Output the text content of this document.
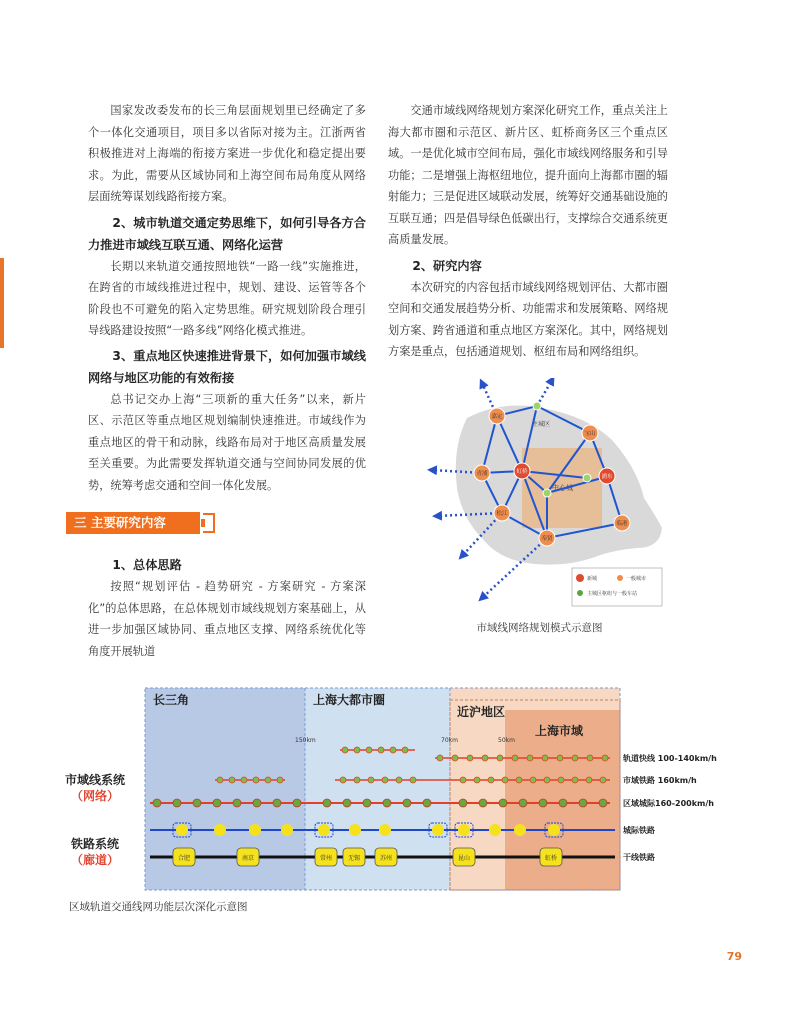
国家发改委发布的长三角层面规划里已经确定了多个一体化交通项目，项目多以省际对接为主。江浙两省积极推进对上海端的衔接方案进一步优化和稳定提出要求。为此，需要从区域协同和上海空间布局角度从网络层面统筹谋划线路衔接方案。

2、城市轨道交通定势思维下，如何引导各方合力推进市域线互联互通、网络化运营

长期以来轨道交通按照地铁“一路一线”实施推进，在跨省的市域线推进过程中，规划、建设、运管等各个阶段也不可避免的陷入定势思维。研究规划阶段合理引导线路建设按照“一路多线”网络化模式推进。

3、重点地区快速推进背景下，如何加强市域线网络与地区功能的有效衔接

总书记交办上海“三项新的重大任务”以来，新片区、示范区等重点地区规划编制快速推进。市域线作为重点地区的骨干和动脉，线路布局对于地区高质量发展至关重要。为此需要发挥轨道交通与空间协同发展的优势，统筹考虑交通和空间一体化发展。

三 主要研究内容
1、总体思路

按照“规划评估 - 趋势研究 - 方案研究 - 方案深化”的总体思路，在总体规划市域线规划方案基础上，从进一步加强区域协同、重点地区支撑、网络系统优化等角度开展轨道

交通市域线网络规划方案深化研究工作，重点关注上海大都市圈和示范区、新片区、虹桥商务区三个重点区域。一是优化城市空间布局，强化市域线网络服务和引导功能；二是增强上海枢纽地位，提升面向上海都市圈的辐射能力；三是促进区域联动发展，统筹好交通基础设施的互联互通；四是倡导绿色低碳出行，支撑综合交通系统更高质量发展。

2、研究内容

本次研究的内容包括市域线网络规划评估、大都市圈空间和交通发展趋势分析、功能需求和发展策略、网络规划方案、跨省通道和重点地区方案深化。其中，网络规划方案是重点，包括通道规划、枢纽布局和网络组织。

主城区
中心城
嘉定
宝山
青浦	虹桥
浦东
松江
奉贤
临港
新城	一般城市
主城区枢纽与一般车站
市域线网络规划模式示意图
长三角	上海大都市圈
近沪地区
上海市域
150km	70km	50km
市域线系统
（网络）
铁路系统
（廊道）	合肥	南京	常州	无锡	苏州	昆山	虹桥
轨道快线 100-140km/h
市域铁路 160km/h
区域城际160-200km/h
城际铁路
干线铁路
区域轨道交通线网功能层次深化示意图
79
